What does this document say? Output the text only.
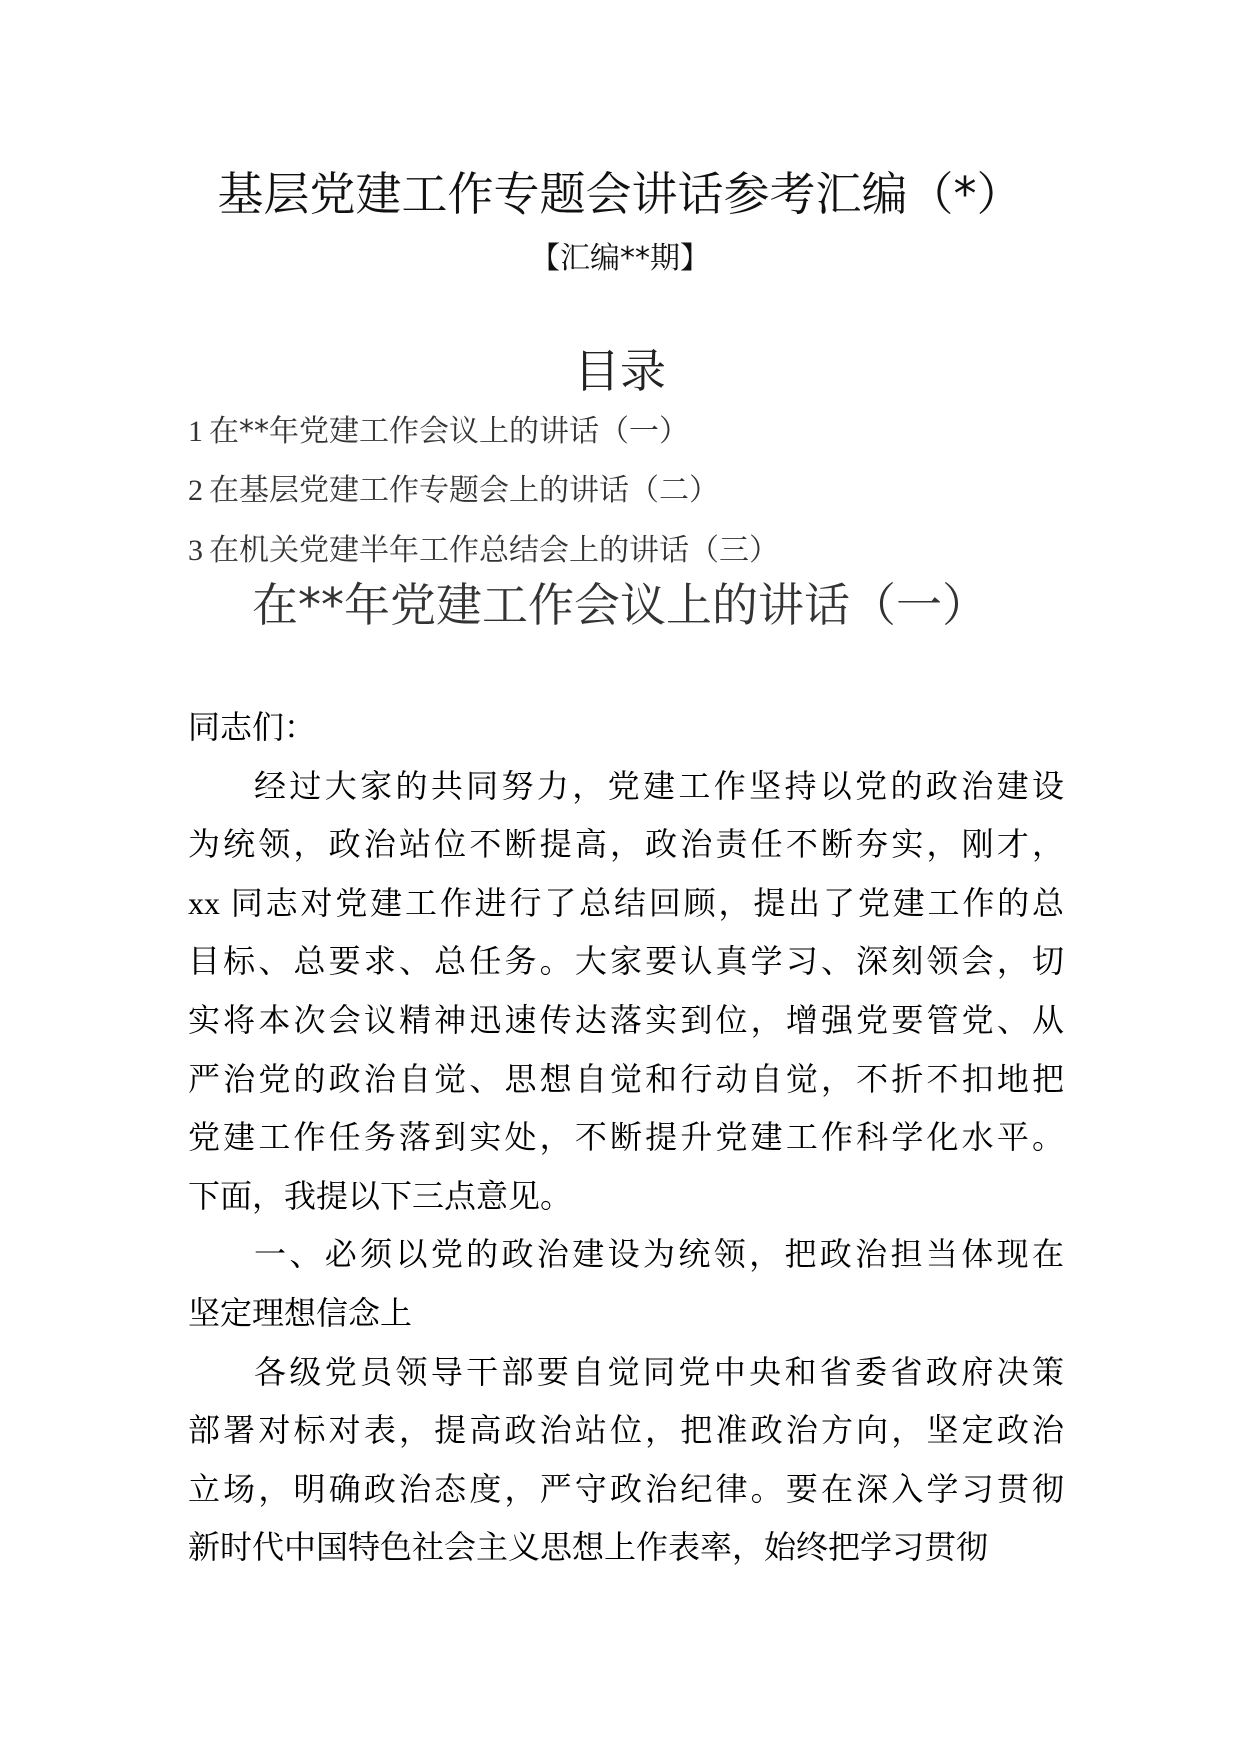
基层党建工作专题会讲话参考汇编（*）
【汇编**期】
目录
1 在**年党建工作会议上的讲话（一）
2 在基层党建工作专题会上的讲话（二）
3 在机关党建半年工作总结会上的讲话（三）
在**年党建工作会议上的讲话（一）
同志们：
经过大家的共同努力，党建工作坚持以党的政治建设
为统领，政治站位不断提高，政治责任不断夯实，刚才，
xx 同志对党建工作进行了总结回顾，提出了党建工作的总
目标、总要求、总任务。大家要认真学习、深刻领会，切
实将本次会议精神迅速传达落实到位，增强党要管党、从
严治党的政治自觉、思想自觉和行动自觉，不折不扣地把
党建工作任务落到实处，不断提升党建工作科学化水平。
下面，我提以下三点意见。
一、必须以党的政治建设为统领，把政治担当体现在
坚定理想信念上
各级党员领导干部要自觉同党中央和省委省政府决策
部署对标对表，提高政治站位，把准政治方向，坚定政治
立场，明确政治态度，严守政治纪律。要在深入学习贯彻
新时代中国特色社会主义思想上作表率，始终把学习贯彻
